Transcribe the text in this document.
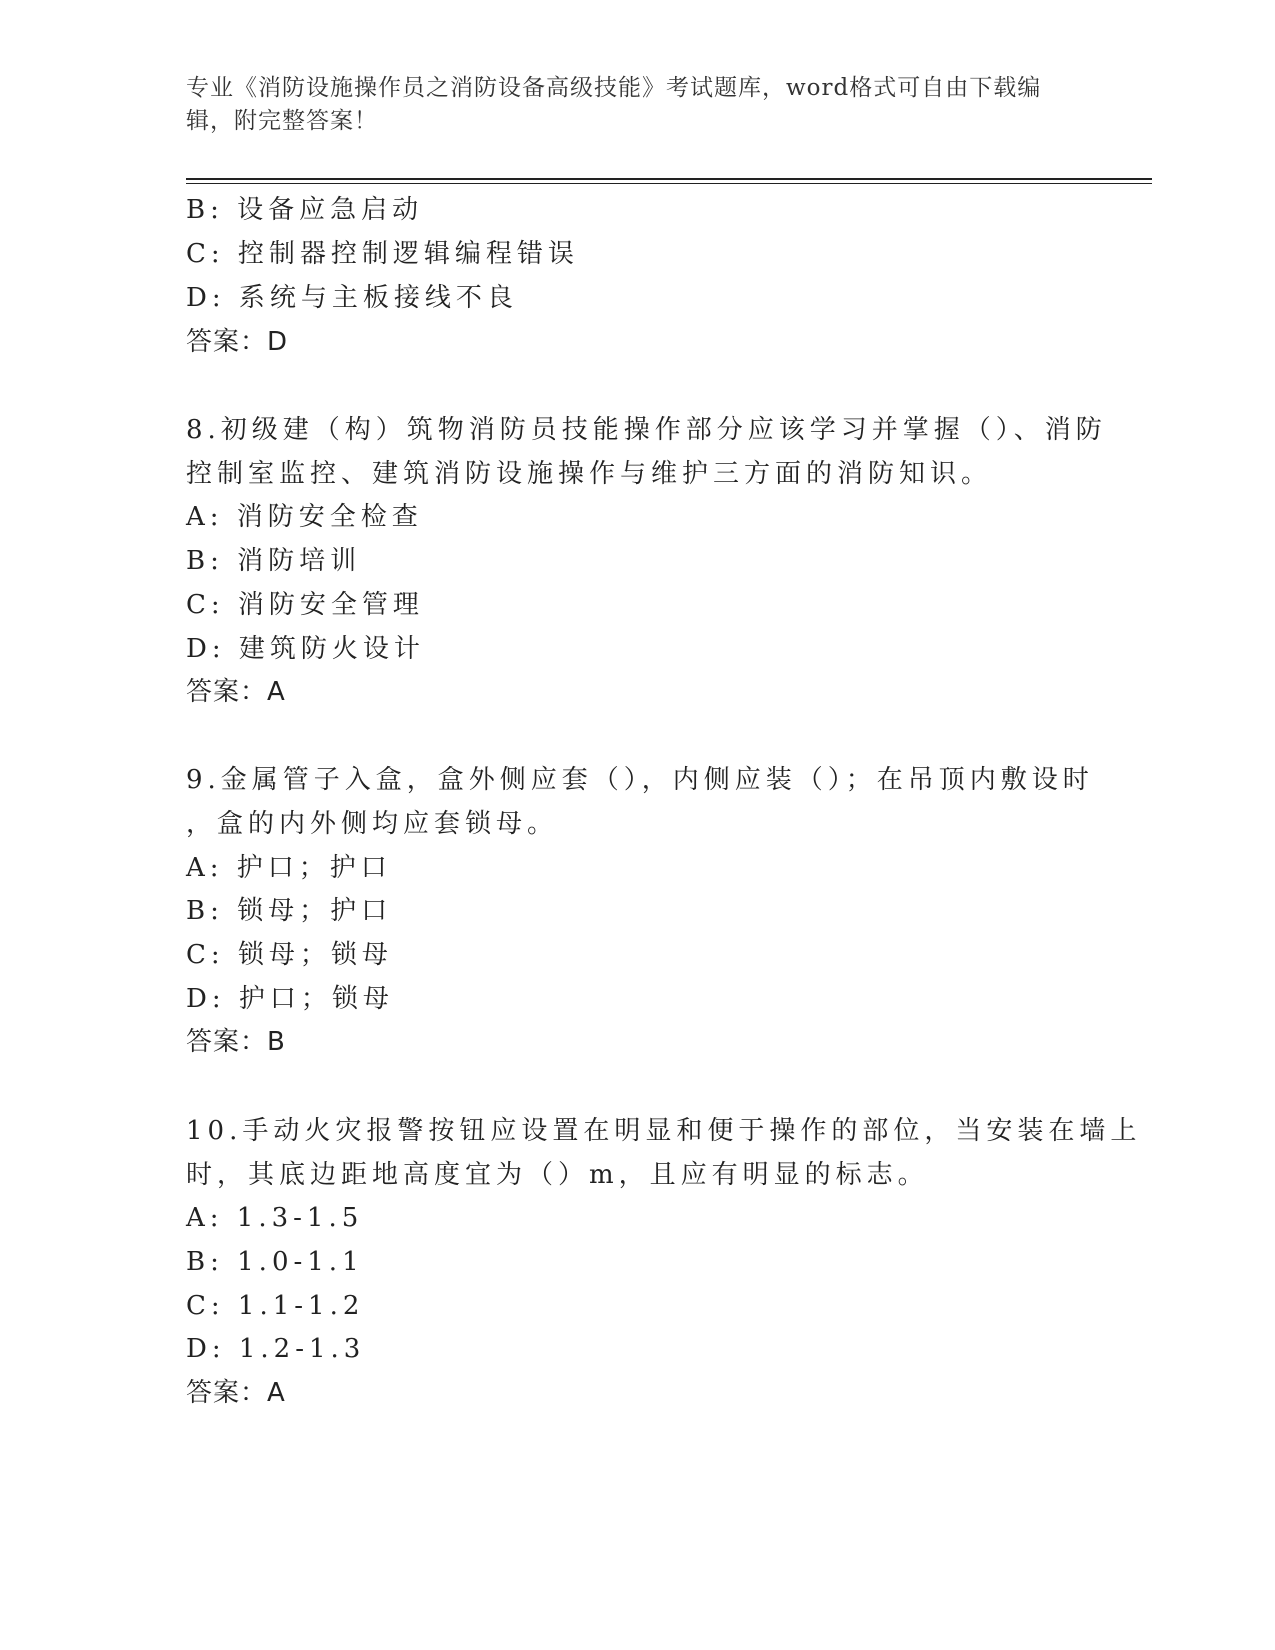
专业《消防设施操作员之消防设备高级技能》考试题库，word格式可自由下载编辑，附完整答案！
B: 设备应急启动
C: 控制器控制逻辑编程错误
D: 系统与主板接线不良
答案：D
8.初级建（构）筑物消防员技能操作部分应该学习并掌握（）、消防
控制室监控、建筑消防设施操作与维护三方面的消防知识。
A: 消防安全检查
B: 消防培训
C: 消防安全管理
D: 建筑防火设计
答案：A
9.金属管子入盒，盒外侧应套（），内侧应装（）；在吊顶内敷设时
，盒的内外侧均应套锁母。
A: 护口；护口
B: 锁母；护口
C: 锁母；锁母
D: 护口；锁母
答案：B
10.手动火灾报警按钮应设置在明显和便于操作的部位，当安装在墙上
时，其底边距地高度宜为（）m，且应有明显的标志。
A: 1.3-1.5
B: 1.0-1.1
C: 1.1-1.2
D: 1.2-1.3
答案：A
